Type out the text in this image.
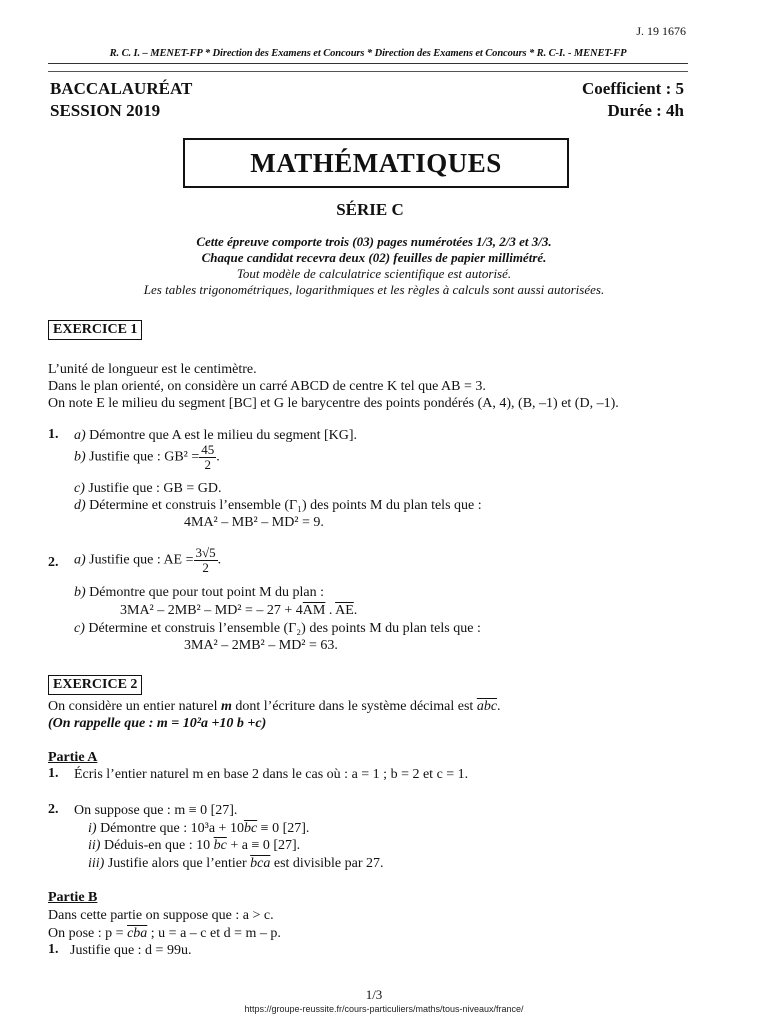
J. 19 1676
R. C. I. – MENET-FP * Direction des Examens et Concours * Direction des Examens et Concours * R. C-I. - MENET-FP
BACCALAURÉAT
SESSION 2019
Coefficient : 5
Durée : 4h
MATHÉMATIQUES
SÉRIE C
Cette épreuve comporte trois (03) pages numérotées 1/3, 2/3 et 3/3.
Chaque candidat recevra deux (02) feuilles de papier millimétré.
Tout modèle de calculatrice scientifique est autorisé.
Les tables trigonométriques, logarithmiques et les règles à calculs sont aussi autorisées.
EXERCICE 1
L’unité de longueur est le centimètre.
Dans le plan orienté, on considère un carré ABCD de centre K tel que AB = 3.
On note E le milieu du segment [BC] et G le barycentre des points pondérés (A, 4), (B, –1) et (D, –1).
1. a) Démontre que A est le milieu du segment [KG].
b) Justifie que : $GB^2 = \frac{45}{2}$ .
c) Justifie que : GB = GD.
d) Détermine et construis l’ensemble (Γ₁) des points M du plan tels que :
4MA² – MB² – MD² = 9.
2. a) Justifie que : AE = $\frac{3√5}{2}$ .
b) Démontre que pour tout point M du plan :
3MA² – 2MB² – MD² = – $27 + 4\overline{AM}$ . $\overline{AE}$.
c) Détermine et construis l’ensemble (Γ₂) des points M du plan tels que :
3MA² – 2MB² – MD² = 63.
EXERCICE 2
On considère un entier naturel m dont l’écriture dans le système décimal est $\overline{abc}$.
(On rappelle que : m = 10²a +10 b +c)
Partie A
1. Écris l’entier naturel m en base 2 dans le cas où : a = 1 ; b = 2 et c = 1.
2. On suppose que : m ≡ 0 [27].
i) Démontre que : $10^3a + 10\overline{bc} \equiv 0$ [27].
ii) Déduis-en que : 10 $\overline{bc} + a \equiv 0$ [27].
iii) Justifie alors que l’entier $\overline{bca}$ est divisible par 27.
Partie B
Dans cette partie on suppose que : a > c.
On pose : $p = \overline{cba}$ ; u = a – c et d = m – p.
1. Justifie que : d = 99u.
1/3
https://groupe-reussite.fr/cours-particuliers/maths/tous-niveaux/france/
